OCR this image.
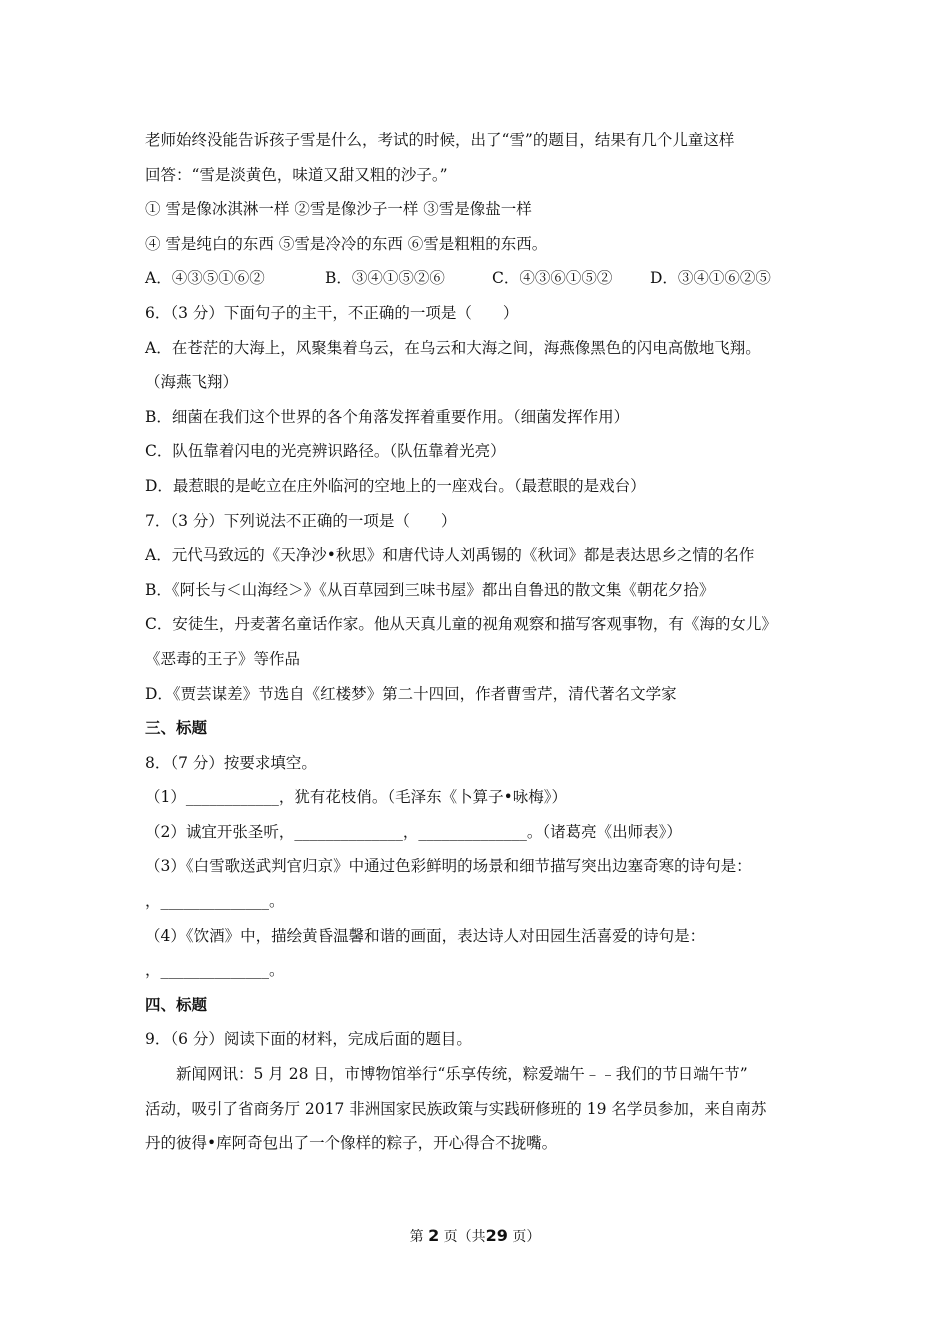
老师始终没能告诉孩子雪是什么，考试的时候，出了“雪”的题目，结果有几个儿童这样
回答：“雪是淡黄色，味道又甜又粗的沙子。”
① 雪是像冰淇淋一样 ②雪是像沙子一样 ③雪是像盐一样
④ 雪是纯白的东西 ⑤雪是冷冷的东西 ⑥雪是粗粗的东西。
A．④③⑤①⑥②	B．③④①⑤②⑥	C．④③⑥①⑤② D．③④①⑥②⑤
6．（3 分）下面句子的主干，不正确的一项是（　　）
A．在苍茫的大海上，风聚集着乌云，在乌云和大海之间，海燕像黑色的闪电高傲地飞翔。
（海燕飞翔）
B．细菌在我们这个世界的各个角落发挥着重要作用。（细菌发挥作用）
C．队伍靠着闪电的光亮辨识路径。（队伍靠着光亮）
D．最惹眼的是屹立在庄外临河的空地上的一座戏台。（最惹眼的是戏台）
7．（3 分）下列说法不正确的一项是（　　）
A．元代马致远的《天净沙•秋思》和唐代诗人刘禹锡的《秋词》都是表达思乡之情的名作
B．《阿长与＜山海经＞》《从百草园到三味书屋》都出自鲁迅的散文集《朝花夕拾》
C．安徒生，丹麦著名童话作家。他从天真儿童的视角观察和描写客观事物，有《海的女儿》
《恶毒的王子》等作品
D．《贾芸谋差》节选自《红楼梦》第二十四回，作者曹雪芹，清代著名文学家
三、标题
8．（7 分）按要求填空。
（1）____________，犹有花枝俏。（毛泽东《卜算子•咏梅》）
（2）诚宜开张圣听，______________，______________。（诸葛亮《出师表》）
（3）《白雪歌送武判官归京》中通过色彩鲜明的场景和细节描写突出边塞奇寒的诗句是：
，______________。
（4）《饮酒》中，描绘黄昏温馨和谐的画面，表达诗人对田园生活喜爱的诗句是：
，______________。
四、标题
9．（6 分）阅读下面的材料，完成后面的题目。
新闻网讯：5 月 28 日，市博物馆举行“乐享传统，粽爱端午﹣﹣我们的节日端午节”
活动，吸引了省商务厅 2017 非洲国家民族政策与实践研修班的 19 名学员参加，来自南苏
丹的彼得•库阿奇包出了一个像样的粽子，开心得合不拢嘴。
第 2 页（共29 页）
